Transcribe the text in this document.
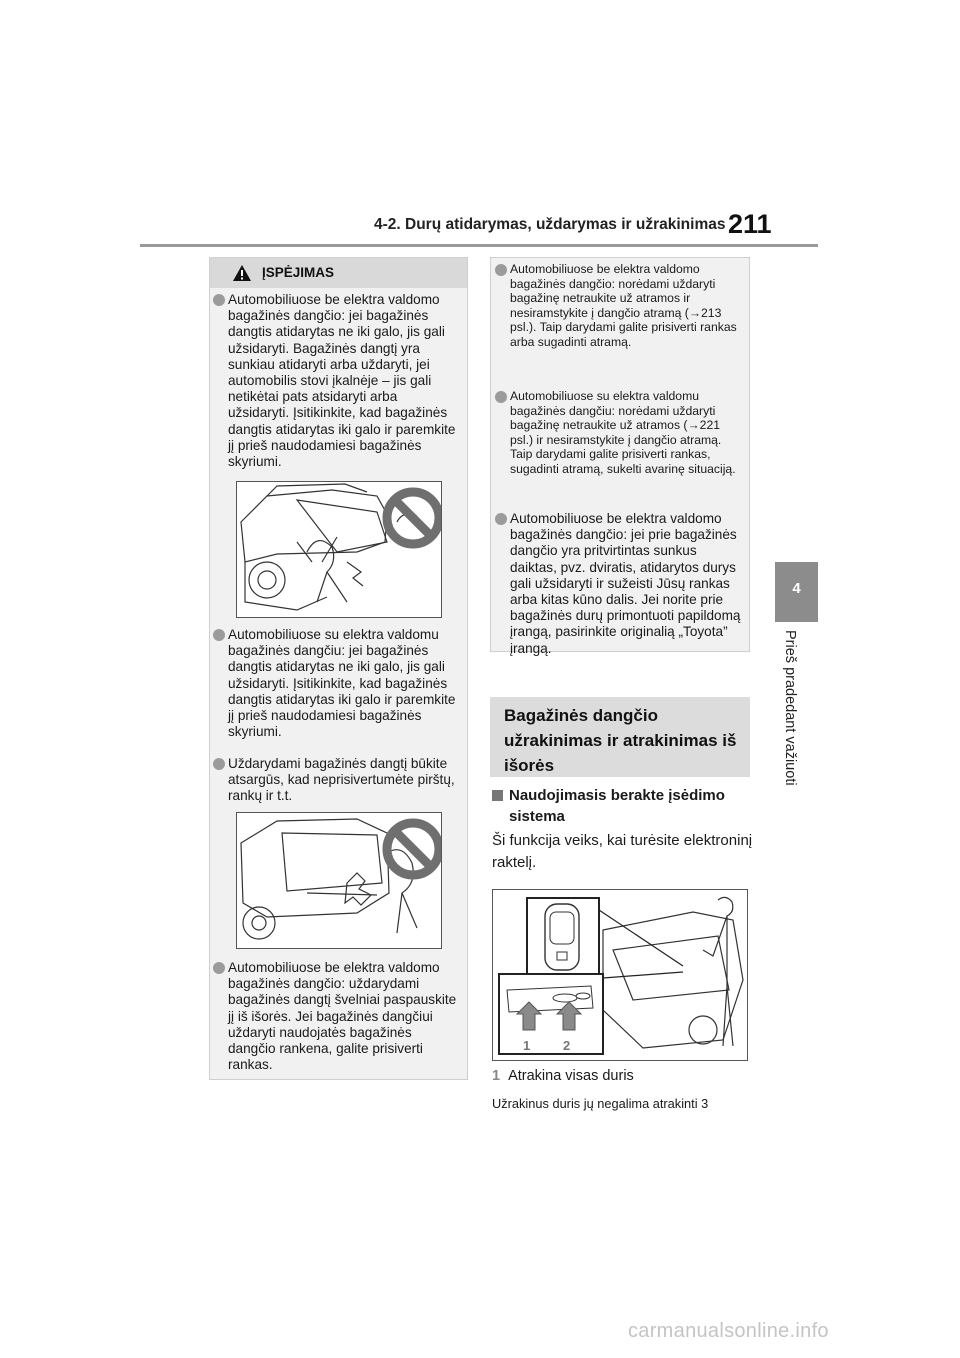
4-2. Durų atidarymas, uždarymas ir užrakinimas 211
4
Prieš pradedant važiuoti
ĮSPĖJIMAS
Automobiliuose be elektra valdomo bagažinės dangčio: jei bagažinės dangtis atidarytas ne iki galo, jis gali užsidaryti. Bagažinės dangtį yra sunkiau atidaryti arba uždaryti, jei automobilis stovi įkalnėje – jis gali netikėtai pats atsidaryti arba užsidaryti. Įsitikinkite, kad bagažinės dangtis atidarytas iki galo ir paremkite jį prieš naudodamiesi bagažinės skyriumi.
Automobiliuose su elektra valdomu bagažinės dangčiu: jei bagažinės dangtis atidarytas ne iki galo, jis gali užsidaryti. Įsitikinkite, kad bagažinės dangtis atidarytas iki galo ir paremkite jį prieš naudodamiesi bagažinės skyriumi.
Uždarydami bagažinės dangtį būkite atsargūs, kad neprisivertumėte pirštų, rankų ir t.t.
Automobiliuose be elektra valdomo bagažinės dangčio: uždarydami bagažinės dangtį švelniai paspauskite jį iš išorės. Jei bagažinės dangčiui uždaryti naudojatės bagažinės dangčio rankena, galite prisiverti rankas.
Automobiliuose be elektra valdomo bagažinės dangčio: norėdami uždaryti bagažinę netraukite už atramos ir nesiramstykite į dangčio atramą (→213 psl.). Taip darydami galite prisiverti rankas arba sugadinti atramą.
Automobiliuose su elektra valdomu bagažinės dangčiu: norėdami uždaryti bagažinę netraukite už atramos (→221 psl.) ir nesiramstykite į dangčio atramą. Taip darydami galite prisiverti rankas, sugadinti atramą, sukelti avarinę situaciją.
Automobiliuose be elektra valdomo bagažinės dangčio: jei prie bagažinės dangčio yra pritvirtintas sunkus daiktas, pvz. dviratis, atidarytos durys gali užsidaryti ir sužeisti Jūsų rankas arba kitas kūno dalis. Jei norite prie bagažinės durų primontuoti papildomą įrangą, pasirinkite originalią „Toyota” įrangą.
Bagažinės dangčio užrakinimas ir atrakinimas iš išorės
Naudojimasis berakte įsėdimo sistema
Ši funkcija veiks, kai turėsite elektroninį raktelį.
1	2
1 Atrakina visas duris
Užrakinus duris jų negalima atrakinti 3
carmanualsonline.info
